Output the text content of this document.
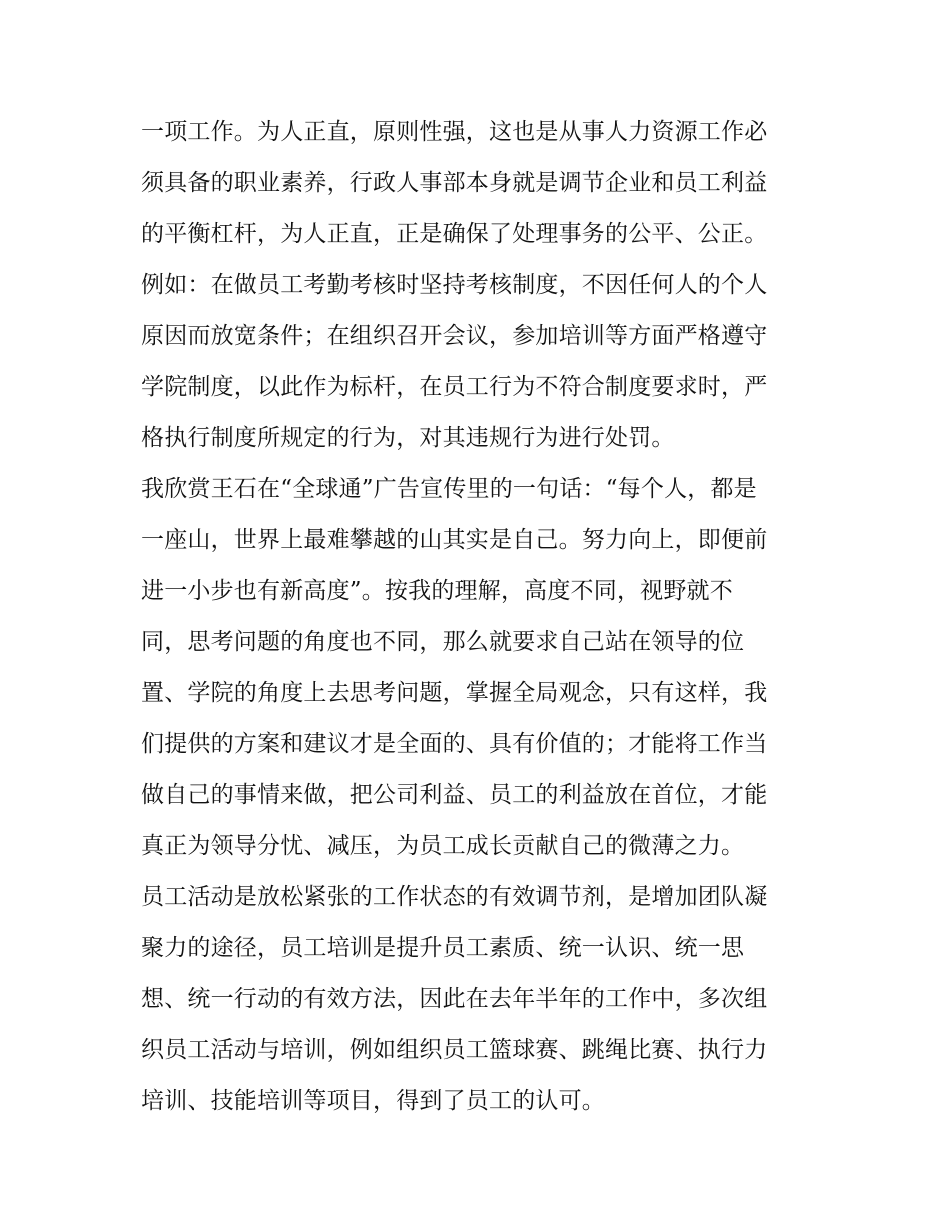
一项工作。为人正直，原则性强，这也是从事人力资源工作必
须具备的职业素养，行政人事部本身就是调节企业和员工利益
的平衡杠杆，为人正直，正是确保了处理事务的公平、公正。
例如：在做员工考勤考核时坚持考核制度，不因任何人的个人
原因而放宽条件；在组织召开会议，参加培训等方面严格遵守
学院制度，以此作为标杆，在员工行为不符合制度要求时，严
格执行制度所规定的行为，对其违规行为进行处罚。
我欣赏王石在“全球通”广告宣传里的一句话：“每个人，都是
一座山，世界上最难攀越的山其实是自己。努力向上，即便前
进一小步也有新高度”。按我的理解，高度不同，视野就不
同，思考问题的角度也不同，那么就要求自己站在领导的位
置、学院的角度上去思考问题，掌握全局观念，只有这样，我
们提供的方案和建议才是全面的、具有价值的；才能将工作当
做自己的事情来做，把公司利益、员工的利益放在首位，才能
真正为领导分忧、减压，为员工成长贡献自己的微薄之力。
员工活动是放松紧张的工作状态的有效调节剂，是增加团队凝
聚力的途径，员工培训是提升员工素质、统一认识、统一思
想、统一行动的有效方法，因此在去年半年的工作中，多次组
织员工活动与培训，例如组织员工篮球赛、跳绳比赛、执行力
培训、技能培训等项目，得到了员工的认可。
